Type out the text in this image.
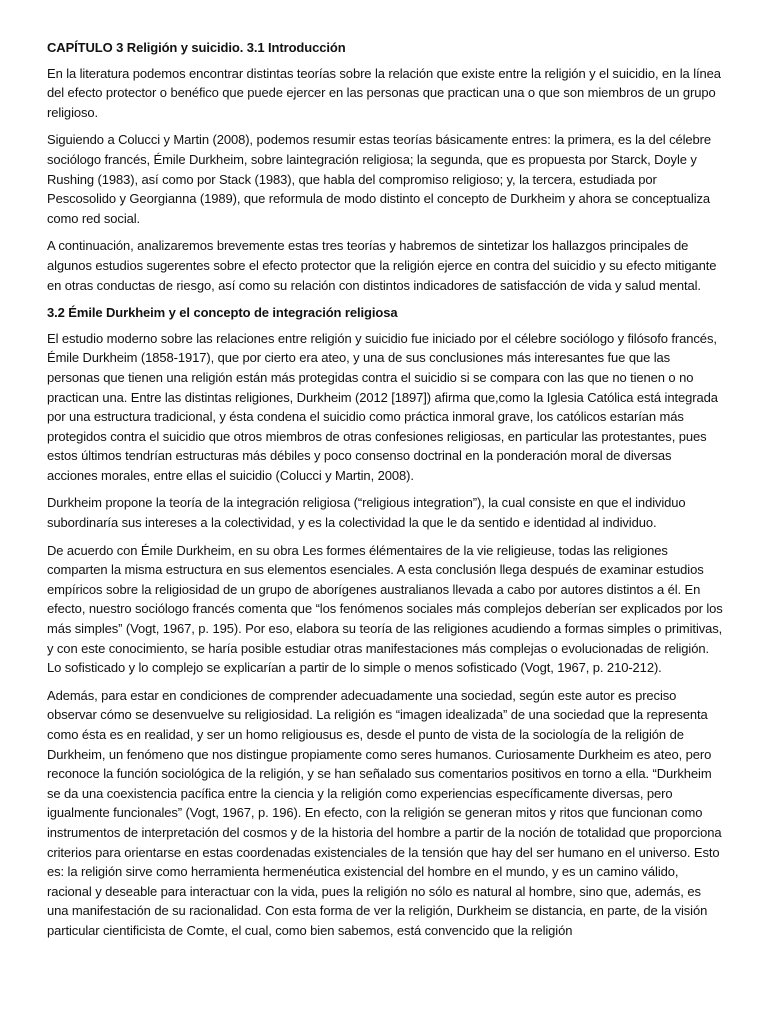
CAPÍTULO 3 Religión y suicidio. 3.1 Introducción

En la literatura podemos encontrar distintas teorías sobre la relación que existe entre la religión y el suicidio, en la línea del efecto protector o benéfico que puede ejercer en las personas que practican una o que son miembros de un grupo religioso.

Siguiendo a Colucci y Martin (2008), podemos resumir estas teorías básicamente entres: la primera, es la del célebre sociólogo francés, Émile Durkheim, sobre laintegración religiosa; la segunda, que es propuesta por Starck, Doyle y Rushing (1983), así como por Stack (1983), que habla del compromiso religioso; y, la tercera, estudiada por Pescosolido y Georgianna (1989), que reformula de modo distinto el concepto de Durkheim y ahora se conceptualiza como red social.

A continuación, analizaremos brevemente estas tres teorías y habremos de sintetizar los hallazgos principales de algunos estudios sugerentes sobre el efecto protector que la religión ejerce en contra del suicidio y su efecto mitigante en otras conductas de riesgo, así como su relación con distintos indicadores de satisfacción de vida y salud mental.

3.2 Émile Durkheim y el concepto de integración religiosa

El estudio moderno sobre las relaciones entre religión y suicidio fue iniciado por el célebre sociólogo y filósofo francés, Émile Durkheim (1858-1917), que por cierto era ateo, y una de sus conclusiones más interesantes fue que las personas que tienen una religión están más protegidas contra el suicidio si se compara con las que no tienen o no practican una. Entre las distintas religiones, Durkheim (2012 [1897]) afirma que,como la Iglesia Católica está integrada por una estructura tradicional, y ésta condena el suicidio como práctica inmoral grave, los católicos estarían más protegidos contra el suicidio que otros miembros de otras confesiones religiosas, en particular las protestantes, pues estos últimos tendrían estructuras más débiles y poco consenso doctrinal en la ponderación moral de diversas acciones morales, entre ellas el suicidio (Colucci y Martin, 2008).

Durkheim propone la teoría de la integración religiosa (“religious integration”), la cual consiste en que el individuo subordinaría sus intereses a la colectividad, y es la colectividad la que le da sentido e identidad al individuo.

De acuerdo con Émile Durkheim, en su obra Les formes élémentaires de la vie religieuse, todas las religiones comparten la misma estructura en sus elementos esenciales. A esta conclusión llega después de examinar estudios empíricos sobre la religiosidad de un grupo de aborígenes australianos llevada a cabo por autores distintos a él. En efecto, nuestro sociólogo francés comenta que “los fenómenos sociales más complejos deberían ser explicados por los más simples” (Vogt, 1967, p. 195). Por eso, elabora su teoría de las religiones acudiendo a formas simples o primitivas, y con este conocimiento, se haría posible estudiar otras manifestaciones más complejas o evolucionadas de religión. Lo sofisticado y lo complejo se explicarían a partir de lo simple o menos sofisticado (Vogt, 1967, p. 210-212).

Además, para estar en condiciones de comprender adecuadamente una sociedad, según este autor es preciso observar cómo se desenvuelve su religiosidad. La religión es “imagen idealizada” de una sociedad que la representa como ésta es en realidad, y ser un homo religiousus es, desde el punto de vista de la sociología de la religión de Durkheim, un fenómeno que nos distingue propiamente como seres humanos. Curiosamente Durkheim es ateo, pero reconoce la función sociológica de la religión, y se han señalado sus comentarios positivos en torno a ella. “Durkheim se da una coexistencia pacífica entre la ciencia y la religión como experiencias específicamente diversas, pero igualmente funcionales” (Vogt, 1967, p. 196). En efecto, con la religión se generan mitos y ritos que funcionan como instrumentos de interpretación del cosmos y de la historia del hombre a partir de la noción de totalidad que proporciona criterios para orientarse en estas coordenadas existenciales de la tensión que hay del ser humano en el universo. Esto es: la religión sirve como herramienta hermenéutica existencial del hombre en el mundo, y es un camino válido, racional y deseable para interactuar con la vida, pues la religión no sólo es natural al hombre, sino que, además, es una manifestación de su racionalidad. Con esta forma de ver la religión, Durkheim se distancia, en parte, de la visión particular cientificista de Comte, el cual, como bien sabemos, está convencido que la religión
